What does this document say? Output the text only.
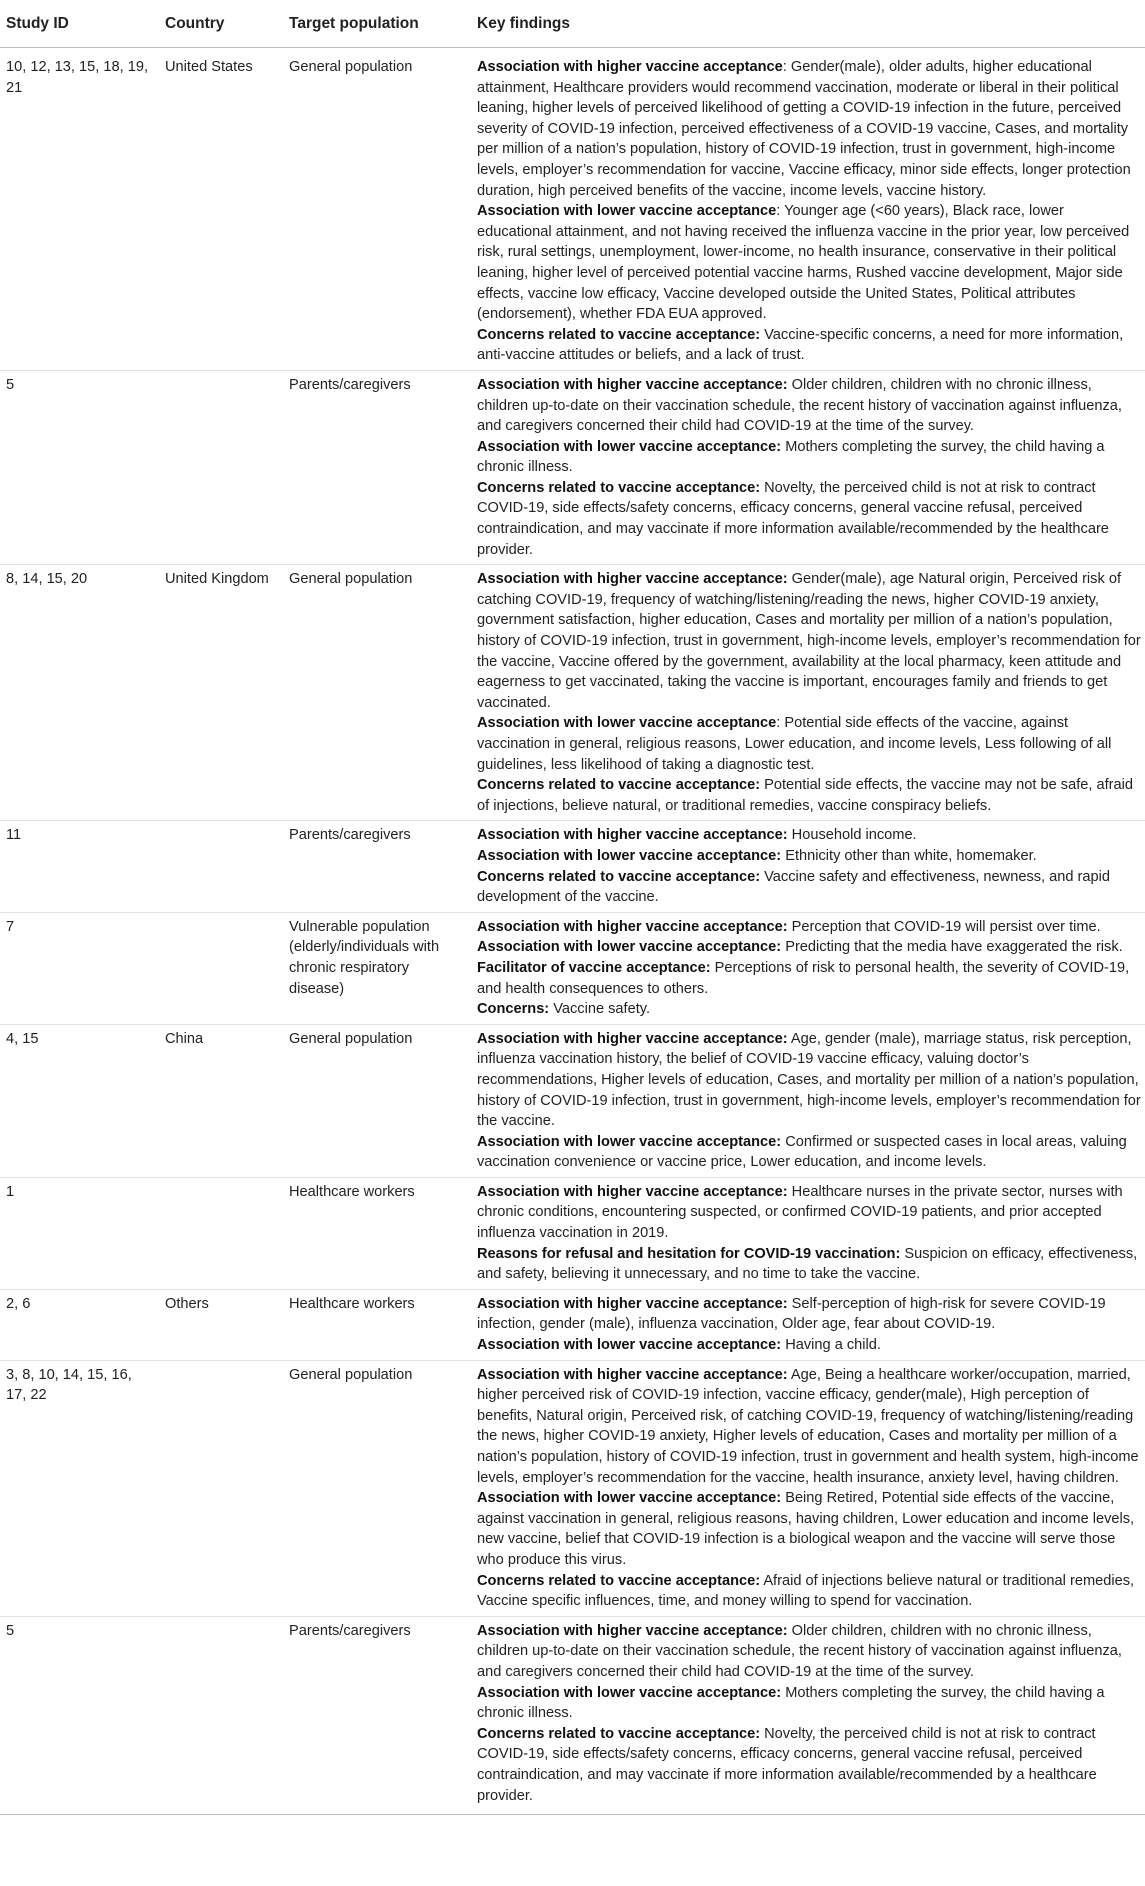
Study ID	Country	Target population	Key findings
10, 12, 13, 15, 18, 19, 21	United States	General population	Association with higher vaccine acceptance: Gender(male), older adults, higher educational attainment, Healthcare providers would recommend vaccination, moderate or liberal in their political leaning, higher levels of perceived likelihood of getting a COVID-19 infection in the future, perceived severity of COVID-19 infection, perceived effectiveness of a COVID-19 vaccine, Cases, and mortality per million of a nation’s population, history of COVID-19 infection, trust in government, high-income levels, employer’s recommendation for vaccine, Vaccine efficacy, minor side effects, longer protection duration, high perceived benefits of the vaccine, income levels, vaccine history.
Association with lower vaccine acceptance: Younger age (<60 years), Black race, lower educational attainment, and not having received the influenza vaccine in the prior year, low perceived risk, rural settings, unemployment, lower-income, no health insurance, conservative in their political leaning, higher level of perceived potential vaccine harms, Rushed vaccine development, Major side effects, vaccine low efficacy, Vaccine developed outside the United States, Political attributes (endorsement), whether FDA EUA approved.
Concerns related to vaccine acceptance: Vaccine-specific concerns, a need for more information, anti-vaccine attitudes or beliefs, and a lack of trust.

5		Parents/caregivers	Association with higher vaccine acceptance: Older children, children with no chronic illness, children up-to-date on their vaccination schedule, the recent history of vaccination against influenza, and caregivers concerned their child had COVID-19 at the time of the survey.
Association with lower vaccine acceptance: Mothers completing the survey, the child having a chronic illness.
Concerns related to vaccine acceptance: Novelty, the perceived child is not at risk to contract COVID-19, side effects/safety concerns, efficacy concerns, general vaccine refusal, perceived contraindication, and may vaccinate if more information available/recommended by the healthcare provider.

8, 14, 15, 20	United Kingdom	General population	Association with higher vaccine acceptance: Gender(male), age Natural origin, Perceived risk of catching COVID-19, frequency of watching/listening/reading the news, higher COVID-19 anxiety, government satisfaction, higher education, Cases and mortality per million of a nation’s population, history of COVID-19 infection, trust in government, high-income levels, employer’s recommendation for the vaccine, Vaccine offered by the government, availability at the local pharmacy, keen attitude and eagerness to get vaccinated, taking the vaccine is important, encourages family and friends to get vaccinated.
Association with lower vaccine acceptance: Potential side effects of the vaccine, against vaccination in general, religious reasons, Lower education, and income levels, Less following of all guidelines, less likelihood of taking a diagnostic test.
Concerns related to vaccine acceptance: Potential side effects, the vaccine may not be safe, afraid of injections, believe natural, or traditional remedies, vaccine conspiracy beliefs.

11		Parents/caregivers	Association with higher vaccine acceptance: Household income.
Association with lower vaccine acceptance: Ethnicity other than white, homemaker.
Concerns related to vaccine acceptance: Vaccine safety and effectiveness, newness, and rapid development of the vaccine.

7		Vulnerable population (elderly/individuals with chronic respiratory disease)	Association with higher vaccine acceptance: Perception that COVID-19 will persist over time.
Association with lower vaccine acceptance: Predicting that the media have exaggerated the risk.
Facilitator of vaccine acceptance: Perceptions of risk to personal health, the severity of COVID-19, and health consequences to others.
Concerns: Vaccine safety.

4, 15	China	General population	Association with higher vaccine acceptance: Age, gender (male), marriage status, risk perception, influenza vaccination history, the belief of COVID-19 vaccine efficacy, valuing doctor’s recommendations, Higher levels of education, Cases, and mortality per million of a nation’s population, history of COVID-19 infection, trust in government, high-income levels, employer’s recommendation for the vaccine.
Association with lower vaccine acceptance: Confirmed or suspected cases in local areas, valuing vaccination convenience or vaccine price, Lower education, and income levels.

1		Healthcare workers	Association with higher vaccine acceptance: Healthcare nurses in the private sector, nurses with chronic conditions, encountering suspected, or confirmed COVID-19 patients, and prior accepted influenza vaccination in 2019.
Reasons for refusal and hesitation for COVID-19 vaccination: Suspicion on efficacy, effectiveness, and safety, believing it unnecessary, and no time to take the vaccine.

2, 6	Others	Healthcare workers	Association with higher vaccine acceptance: Self-perception of high-risk for severe COVID-19 infection, gender (male), influenza vaccination, Older age, fear about COVID-19.
Association with lower vaccine acceptance: Having a child.

3, 8, 10, 14, 15, 16, 17, 22		General population	Association with higher vaccine acceptance: Age, Being a healthcare worker/occupation, married, higher perceived risk of COVID-19 infection, vaccine efficacy, gender(male), High perception of benefits, Natural origin, Perceived risk, of catching COVID-19, frequency of watching/listening/reading the news, higher COVID-19 anxiety, Higher levels of education, Cases and mortality per million of a nation’s population, history of COVID-19 infection, trust in government and health system, high-income levels, employer’s recommendation for the vaccine, health insurance, anxiety level, having children.
Association with lower vaccine acceptance: Being Retired, Potential side effects of the vaccine, against vaccination in general, religious reasons, having children, Lower education and income levels, new vaccine, belief that COVID-19 infection is a biological weapon and the vaccine will serve those who produce this virus.
Concerns related to vaccine acceptance: Afraid of injections believe natural or traditional remedies, Vaccine specific influences, time, and money willing to spend for vaccination.

5		Parents/caregivers	Association with higher vaccine acceptance: Older children, children with no chronic illness, children up-to-date on their vaccination schedule, the recent history of vaccination against influenza, and caregivers concerned their child had COVID-19 at the time of the survey.
Association with lower vaccine acceptance: Mothers completing the survey, the child having a chronic illness.
Concerns related to vaccine acceptance: Novelty, the perceived child is not at risk to contract COVID-19, side effects/safety concerns, efficacy concerns, general vaccine refusal, perceived contraindication, and may vaccinate if more information available/recommended by a healthcare provider.
